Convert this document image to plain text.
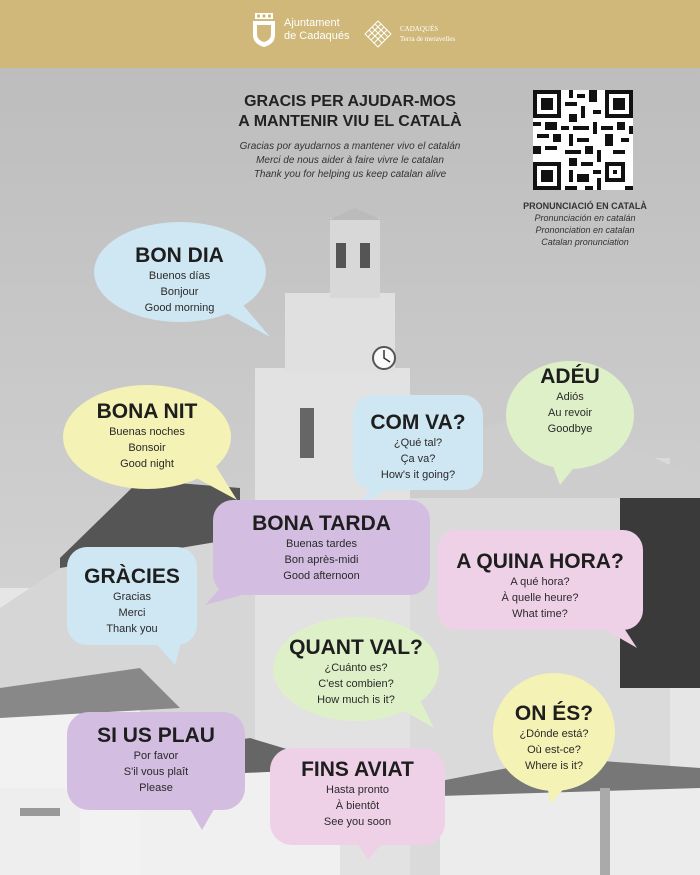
Ajuntament
de Cadaqués
CADAQUÉS
Terra de meravelles
GRACIS PER AJUDAR-MOS
A MANTENIR VIU EL CATALÀ
Gracias por ayudarnos a mantener vivo el catalán
Merci de nous aider à faire vivre le catalan
Thank you for helping us keep catalan alive
PRONUNCIACIÓ EN CATALÀ
Pronunciación en catalán
Prononciation en catalan
Catalan pronunciation
BON DIA
Buenos días
Bonjour
Good morning
ADÉU
Adiós
Au revoir
Goodbye
BONA NIT
Buenas noches
Bonsoir
Good night
COM VA?
¿Qué tal?
Ça va?
How's it going?
BONA TARDA
Buenas tardes
Bon après-midi
Good afternoon
GRÀCIES
Gracias
Merci
Thank you
A QUINA HORA?
A qué hora?
À quelle heure?
What time?
QUANT VAL?
¿Cuánto es?
C'est combien?
How much is it?
ON ÉS?
¿Dónde está?
Où est-ce?
Where is it?
SI US PLAU
Por favor
S'il vous plaît
Please
FINS AVIAT
Hasta pronto
À bientôt
See you soon
